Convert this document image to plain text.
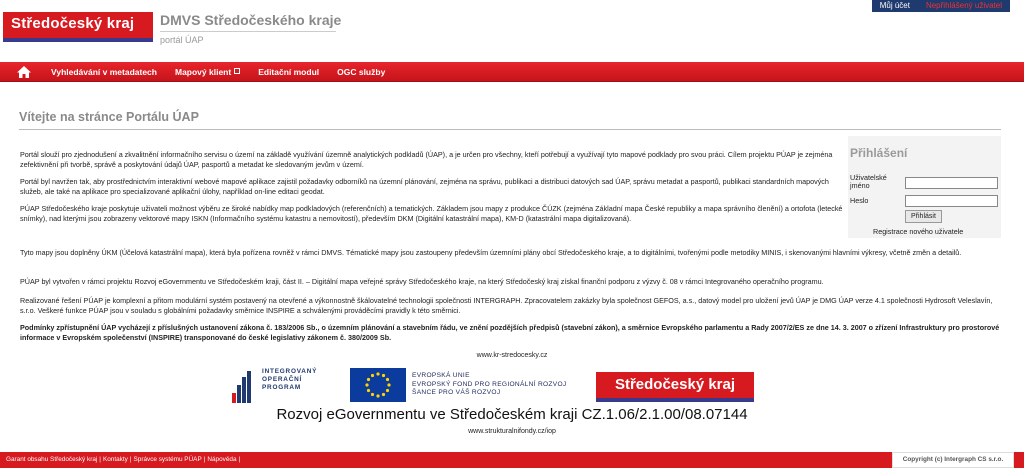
Středočeský kraj DMVS Středočeského kraje
portál ÚAP
Můj účet	Nepřihlášený uživatel
Vyhledávání v metadatech	Mapový klient	Editační modul	OGC služby
Vítejte na stránce Portálu ÚAP
Portál slouží pro zjednodušení a zkvalitnění informačního servisu o území na základě využívání územně analytických podkladů (ÚAP), a je určen pro všechny, kteří potřebují a využívají tyto mapové podklady pro svou práci. Cílem projektu PÚAP je zejména zefektivnění při tvorbě, správě a poskytování údajů ÚAP, pasportů a metadat ke sledovaným jevům v území.
Portál byl navržen tak, aby prostřednictvím interaktivní webové mapové aplikace zajistil požadavky odborníků na územní plánování, zejména na správu, publikaci a distribuci datových sad ÚAP, správu metadat a pasportů, publikaci standardních mapových služeb, ale také na aplikace pro specializované aplikační úlohy, například on-line editaci geodat.
PÚAP Středočeského kraje poskytuje uživateli možnost výběru ze široké nabídky map podkladových (referenčních) a tematických. Základem jsou mapy z produkce ČÚZK (zejména Základní mapa České republiky a mapa správního členění) a ortofota (letecké snímky), nad kterými jsou zobrazeny vektorové mapy ISKN (Informačního systému katastru a nemovitostí), především DKM (Digitální katastrální mapa), KM-D (katastrální mapa digitalizovaná).
Tyto mapy jsou doplněny ÚKM (Účelová katastrální mapa), která byla pořízena rovněž v rámci DMVS. Tématické mapy jsou zastoupeny především územními plány obcí Středočeského kraje, a to digitálními, tvořenými podle metodiky MINIS, i skenovanými hlavními výkresy, včetně změn a detailů.
PÚAP byl vytvořen v rámci projektu Rozvoj eGovernmentu ve Středočeském kraji, část II. – Digitální mapa veřejné správy Středočeského kraje, na který Středočeský kraj získal finanční podporu z výzvy č. 08 v rámci Integrovaného operačního programu.
Realizované řešení PÚAP je komplexní a přitom modulární systém postavený na otevřené a výkonnostně škálovatelné technologii společnosti INTERGRAPH. Zpracovatelem zakázky byla společnost GEFOS, a.s., datový model pro uložení jevů ÚAP je DMG ÚAP verze 4.1 společnosti Hydrosoft Veleslavín, s.r.o. Veškeré funkce PÚAP jsou v souladu s globálními požadavky směrnice INSPIRE a schválenými prováděcími pravidly k této směrnici.
Podmínky zpřístupnění ÚAP vycházejí z příslušných ustanovení zákona č. 183/2006 Sb., o územním plánování a stavebním řádu, ve znění pozdějších předpisů (stavební zákon), a směrnice Evropského parlamentu a Rady 2007/2/ES ze dne 14. 3. 2007 o zřízení Infrastruktury pro prostorové informace v Evropském společenství (INSPIRE) transponované do české legislativy zákonem č. 380/2009 Sb.
Přihlášení
Uživatelské jméno
Heslo
Přihlásit
Registrace nového uživatele
www.kr-stredocesky.cz
INTEGROVANÝ
OPERAČNÍ
PROGRAM
EVROPSKÁ UNIE
EVROPSKÝ FOND PRO REGIONÁLNÍ ROZVOJ
ŠANCE PRO VÁŠ ROZVOJ	Středočeský kraj
Rozvoj eGovernmentu ve Středočeském kraji CZ.1.06/2.1.00/08.07144
www.strukturalnifondy.cz/iop
Garant obsahu Středočeský kraj | Kontakty | Správce systému PÚAP | Nápověda |	Copyright (c) Intergraph CS s.r.o.
